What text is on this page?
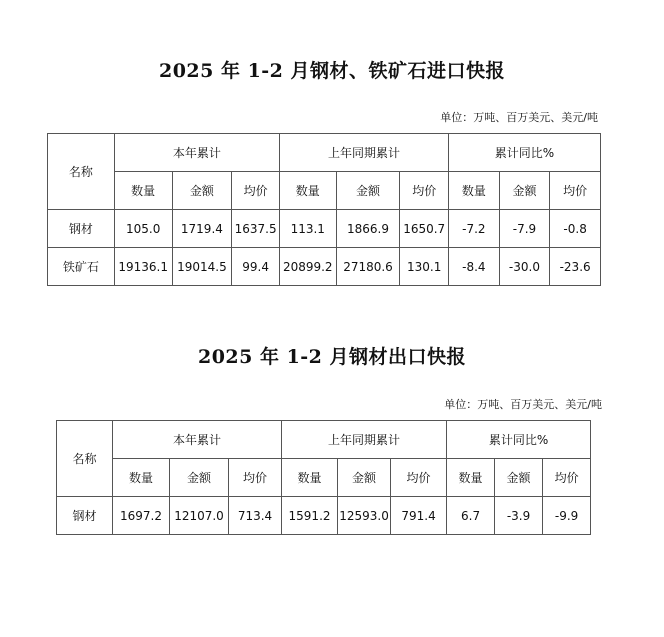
2025 年 1-2 月钢材、铁矿石进口快报
单位：万吨、百万美元、美元/吨
名称	本年累计			上年同期累计			累计同比%		
	数量	金额	均价	数量	金额	均价	数量	金额	均价
钢材	105.0	1719.4	1637.5	113.1	1866.9	1650.7	-7.2	-7.9	-0.8
铁矿石	19136.1	19014.5	99.4	20899.2	27180.6	130.1	-8.4	-30.0	-23.6
2025 年 1-2 月钢材出口快报
单位：万吨、百万美元、美元/吨
名称	本年累计			上年同期累计			累计同比%		
	数量	金额	均价	数量	金额	均价	数量	金额	均价
钢材	1697.2	12107.0	713.4	1591.2	12593.0	791.4	6.7	-3.9	-9.9
